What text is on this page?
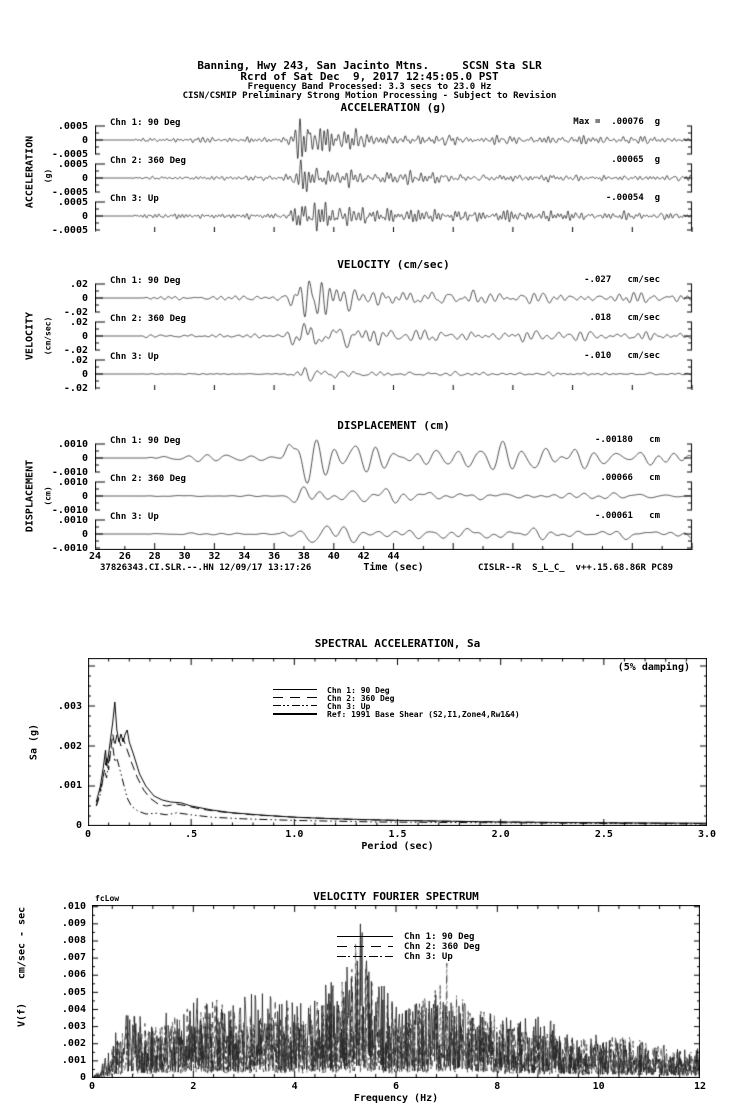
Banning, Hwy 243, San Jacinto Mtns.     SCSN Sta SLR
Rcrd of Sat Dec  9, 2017 12:45:05.0 PST
Frequency Band Processed: 3.3 secs to 23.0 Hz
CISN/CSMIP Preliminary Strong Motion Processing - Subject to Revision
ACCELERATION (g)
VELOCITY (cm/sec)
DISPLACEMENT (cm)
ACCELERATION (g)
VELOCITY (cm/sec)
DISPLACEMENT (cm)
.0005
0
-.0005
Chn 1: 90 Deg	Max =  .00076  g
.0005
0
-.0005
Chn 2: 360 Deg	.00065  g
.0005
0
-.0005
Chn 3: Up	-.00054  g
.02
0
-.02
Chn 1: 90 Deg	-.027   cm/sec
.02
0
-.02
Chn 2: 360 Deg	.018   cm/sec
.02
0
-.02
Chn 3: Up	-.010   cm/sec
.0010
0
-.0010
Chn 1: 90 Deg	-.00180   cm
.0010
0
-.0010
Chn 2: 360 Deg	.00066   cm
.0010
0
-.0010
Chn 3: Up	-.00061   cm
24 26 28 30 32 34 36 38 40 42 44
Time (sec)
37826343.CI.SLR.--.HN 12/09/17 13:17:26	CISLR--R  S_L_C_  v++.15.68.86R PC89
SPECTRAL ACCELERATION, Sa
(5% damping)
0
.001
.002
.003
0	.5	1.0	1.5	2.0	2.5	3.0
Sa (g)
Period (sec)
Chn 1: 90 Deg
Chn 2: 360 Deg
Chn 3: Up
Ref: 1991 Base Shear (S2,I1,Zone4,Rw1&4)
VELOCITY FOURIER SPECTRUM
fcLow
.010
.009
.008
.007
.006
.005
.004
.003
.002
.001
0
0	2	4	6	8	10	12
cm/sec - sec
V(f)
Frequency (Hz)
Chn 1: 90 Deg
Chn 2: 360 Deg
Chn 3: Up
